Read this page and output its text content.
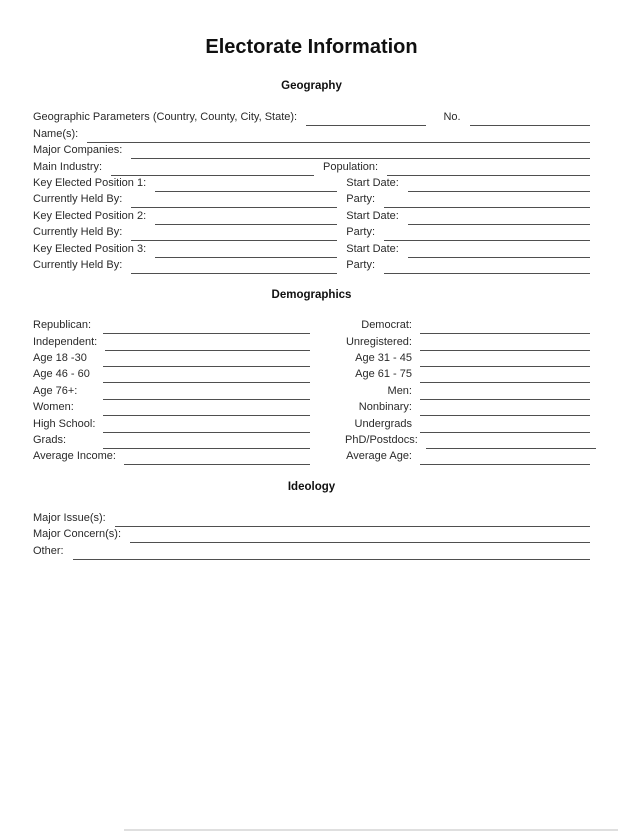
Electorate Information
Geography
Geographic Parameters (Country, County, City, State):	No.
Name(s):
Major Companies:
Main Industry:	Population:
Key Elected Position 1:	Start Date:
Currently Held By:	Party:
Key Elected Position 2:	Start Date:
Currently Held By:	Party:
Key Elected Position 3:	Start Date:
Currently Held By:	Party:
Demographics
Republican:	Democrat:
Independent:	Unregistered:
Age 18 -30	Age 31 - 45
Age 46 - 60	Age 61 - 75
Age 76+:	Men:
Women:	Nonbinary:
High School:	Undergrads
Grads:	PhD/Postdocs:
Average Income:	Average Age:
Ideology
Major Issue(s):
Major Concern(s):
Other:
